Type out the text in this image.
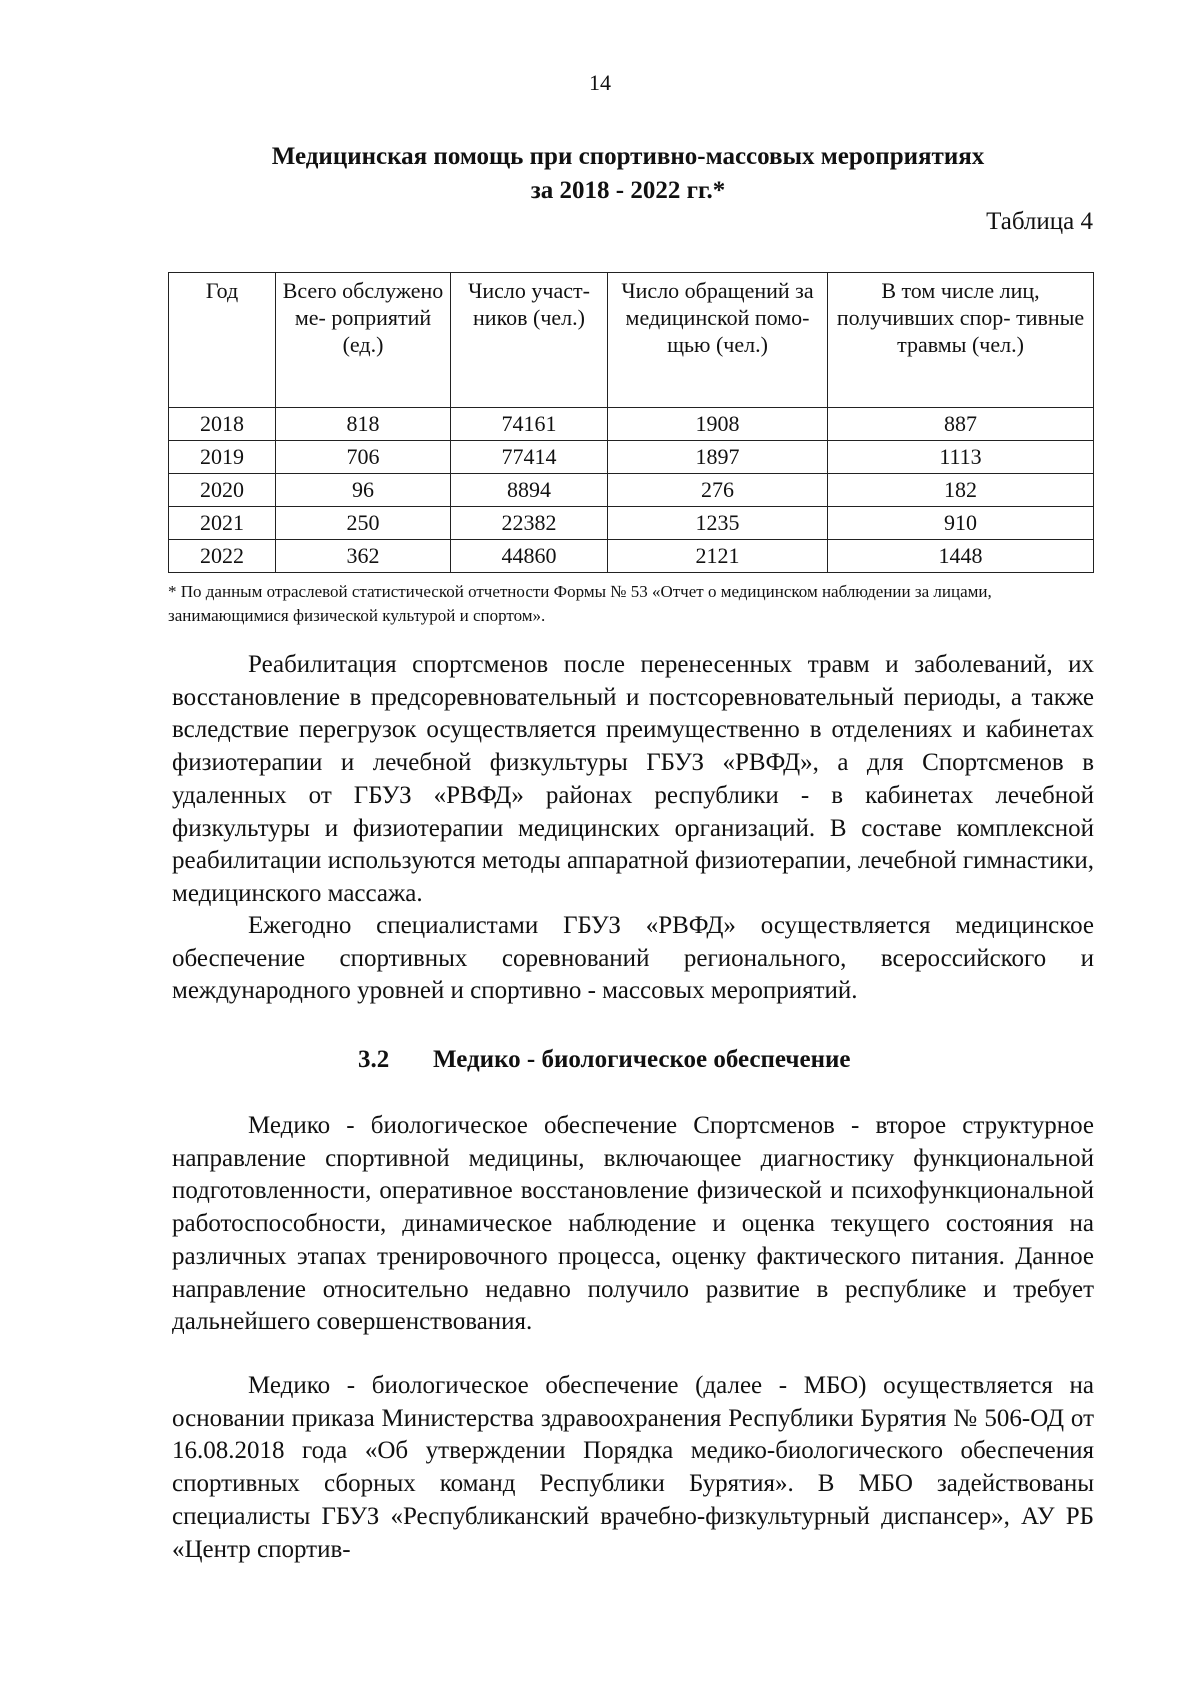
14
Медицинская помощь при спортивно-массовых мероприятиях
за 2018 - 2022 гг.*
Таблица 4
Год	Всего обслужено ме- роприятий (ед.)	Число участ- ников (чел.)	Число обращений за медицинской помо- щью (чел.)	В том числе лиц, получивших спор- тивные травмы (чел.)
2018	818	74161	1908	887
2019	706	77414	1897	1113
2020	96	8894	276	182
2021	250	22382	1235	910
2022	362	44860	2121	1448
* По данным отраслевой статистической отчетности Формы № 53 «Отчет о медицинском наблюдении за лицами, занимающимися физической культурой и спортом».

Реабилитация спортсменов после перенесенных травм и заболеваний, их восстановление в предсоревновательный и постсоревновательный периоды, а также вследствие перегрузок осуществляется преимущественно в отделениях и кабинетах физиотерапии и лечебной физкультуры ГБУЗ «РВФД», а для Спортсменов в удаленных от ГБУЗ «РВФД» районах республики - в кабинетах лечебной физкультуры и физиотерапии медицинских организаций. В составе комплексной реабилитации используются методы аппаратной физиотерапии, лечебной гимнастики, медицинского массажа.

Ежегодно специалистами ГБУЗ «РВФД» осуществляется медицинское обеспечение спортивных соревнований регионального, всероссийского и международного уровней и спортивно - массовых мероприятий.

3.2 Медико - биологическое обеспечение

Медико - биологическое обеспечение Спортсменов - второе структурное направление спортивной медицины, включающее диагностику функциональной подготовленности, оперативное восстановление физической и психофункциональной работоспособности, динамическое наблюдение и оценка текущего состояния на различных этапах тренировочного процесса, оценку фактического питания. Данное направление относительно недавно получило развитие в республике и требует дальнейшего совершенствования.

Медико - биологическое обеспечение (далее - МБО) осуществляется на основании приказа Министерства здравоохранения Республики Бурятия № 506-ОД от 16.08.2018 года «Об утверждении Порядка медико-биологического обеспечения спортивных сборных команд Республики Бурятия». В МБО задействованы специалисты ГБУЗ «Республиканский врачебно-физкультурный диспансер», АУ РБ «Центр спортив-
